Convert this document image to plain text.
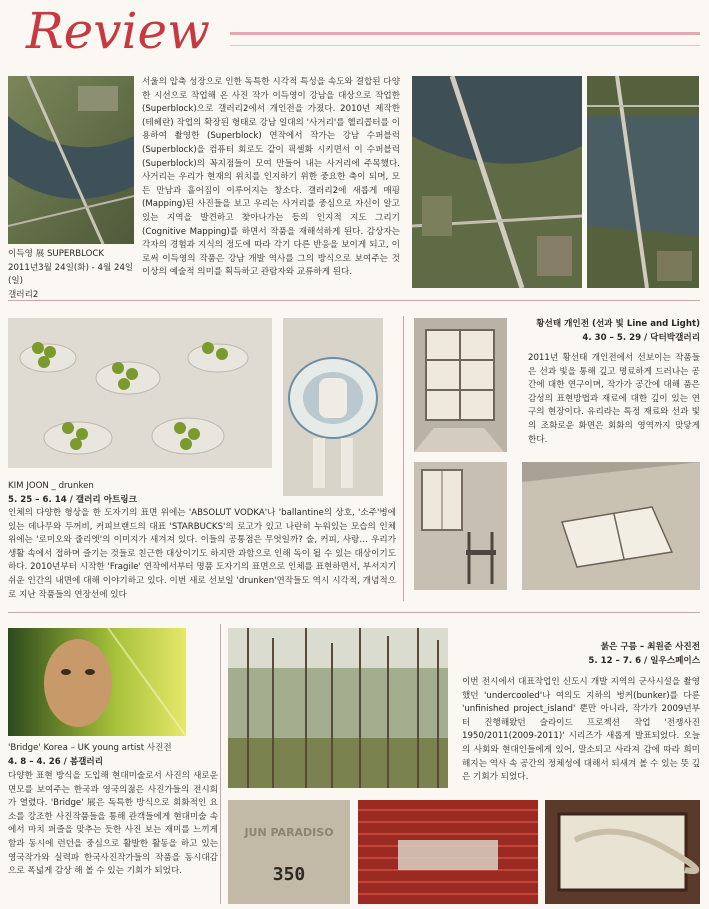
Review
이득영 展 SUPERBLOCK
2011년3월 24일(화) - 4월 24일(일)
갤러리2
서울의 압축 성장으로 인한 독특한 시각적 특성을 속도와 결합된 다양한 시선으로 작업해 온 사진 작가 이득영이 강남을 대상으로 작업한 (Superblock)으로 갤러리2에서 개인전을 가졌다. 2010년 제작한 (테헤란) 작업의 확장된 형태로 강남 일대의 '사거리'를 헬리콥터를 이용하여 촬영한 (Superblock) 연작에서 작가는 강남 수퍼블럭(Superblock)을 컴퓨터 회로도 같이 픽셀화 시키면서 이 수퍼블럭(Superblock)의 꼭지점들이 모여 만들어 내는 사거리에 주목했다. 사거리는 우리가 현재의 위치를 인지하기 위한 중요한 축이 되며, 모든 만남과 흩어짐이 이루어지는 창소다. 갤러리2에 새롭게 매핑(Mapping)된 사진들을 보고 우리는 사거리를 중심으로 자신이 알고 있는 지역을 발견하고 찾아나가는 등의 인지적 지도 그리기(Cognitive Mapping)를 하면서 작품을 재해석하게 된다. 감상자는 각자의 경험과 지식의 정도에 따라 각기 다른 반응을 보이게 되고, 이로써 이득영의 작품은 강남 개발 역사를 그의 방식으로 보여주는 것 이상의 예술적 의미를 획득하고 관람자와 교류하게 된다.
KIM JOON _ drunken
5. 25 – 6. 14 / 갤러리 아트링크
인체의 다양한 형상을 한 도자기의 표면 위에는 'ABSOLUT VODKA'나 'ballantine의 상호, '소주'병에 있는 데나무와 두꺼비, 커피브랜드의 대표 'STARBUCKS'의 로고가 있고 나란히 누워있는 모습의 인체 위에는 '로미오와 줄리엣'의 이미지가 새겨져 있다. 이들의 공통점은 무엇일까? 술, 커피, 사랑… 우리가 생활 속에서 접하며 즐기는 것들로 친근한 대상이기도 하지만 과함으로 인해 독이 될 수 있는 대상이기도 하다. 2010년부터 시작한 'Fragile' 연작에서부터 명품 도자기의 표면으로 인체를 표현하면서, 부서지기 쉬운 인간의 내면에 대해 이야기하고 있다. 이번 새로 선보일 'drunken'연작들도 역시 시각적, 개념적으로 지난 작품들의 연장선에 있다
황선태 개인전 (선과 빛 Line and Light)
4. 30 – 5. 29 / 닥터박갤러리
2011년 황선태 개인전에서 선보이는 작품들은 선과 빛을 통해 깊고 명료하게 드러나는 공간에 대한 연구이며, 작가가 공간에 대해 품은 감성의 표현방법과 재료에 대한 깊이 있는 연구의 현장이다. 유리라는 특정 재료와 선과 빛의 조화로운 화면은 회화의 영역까지 맞닿게 한다.
'Bridge' Korea – UK young artist 사진전
4. 8 – 4. 26 / 봄갤러리
다양한 표현 방식을 도입해 현대미술로서 사진의 새로운 면모를 보여주는 한국과 영국의젊은 사진가들의 전시회가 열렸다. 'Bridge' 展은 독특한 방식으로 회화적인 요소를 강조한 사진작품들을 통해 관객들에게 현대미술 속에서 마치 퍼즐을 맞추는 듯한 사진 보는 재미를 느끼게 함과 동시에 런던을 중심으로 활발한 활동을 하고 있는 영국작가와 실력파 한국사진작가들의 작품을 동시대감으로 폭넓게 감상 해 볼 수 있는 기회가 되었다.
붉은 구름 – 최원준 사진전
5. 12 – 7. 6 / 일우스페이스
이번 전시에서 대표작업인 신도시 개발 지역의 군사시설을 촬영했던 'undercooled'나 여의도 지하의 벙커(bunker)를 다룬 'unfinished project_island' 뿐만 아니라, 작가가 2009년부터 진행해왔던 슬라이드 프로젝션 작업 '전쟁사진1950/2011(2009-2011)' 시리즈가 새롭게 발표되었다. 오늘의 사회와 현대인들에게 있어, 말소되고 사라져 감에 따라 희미해지는 역사 속 공간의 정체성에 대해서 되새겨 볼 수 있는 뜻 깊은 기회가 되었다.
JUN PARADISO
350
